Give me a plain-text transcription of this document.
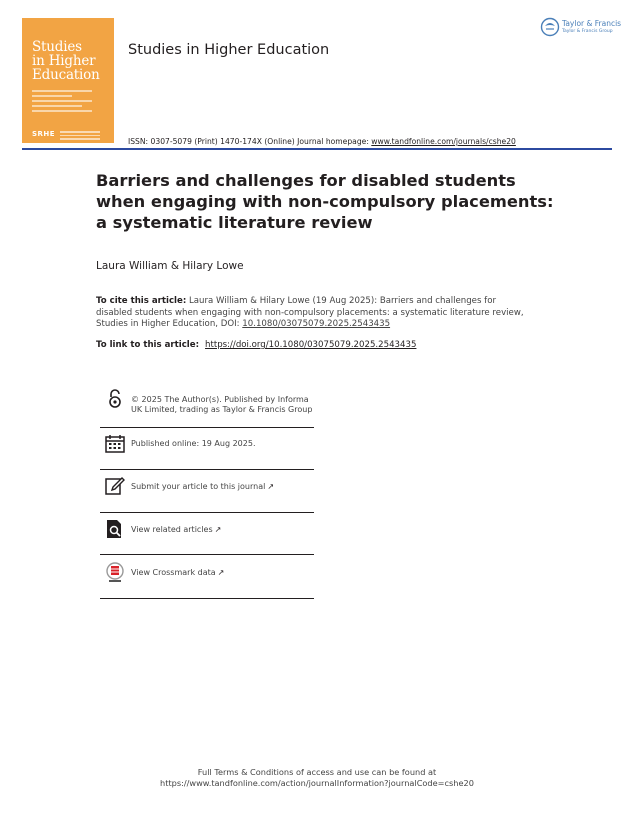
Studies
in Higher
Education
SRHE
Studies in Higher Education
Taylor & Francis
Taylor & Francis Group
ISSN: 0307-5079 (Print) 1470-174X (Online) Journal homepage: www.tandfonline.com/journals/cshe20
Barriers and challenges for disabled students when engaging with non-compulsory placements: a systematic literature review
Laura William & Hilary Lowe
To cite this article: Laura William & Hilary Lowe (19 Aug 2025): Barriers and challenges for disabled students when engaging with non-compulsory placements: a systematic literature review, Studies in Higher Education, DOI: 10.1080/03075079.2025.2543435
To link to this article: https://doi.org/10.1080/03075079.2025.2543435
© 2025 The Author(s). Published by Informa UK Limited, trading as Taylor & Francis Group
Published online: 19 Aug 2025.
Submit your article to this journal ↗
View related articles ↗
View Crossmark data ↗
Full Terms & Conditions of access and use can be found at
https://www.tandfonline.com/action/journalInformation?journalCode=cshe20
